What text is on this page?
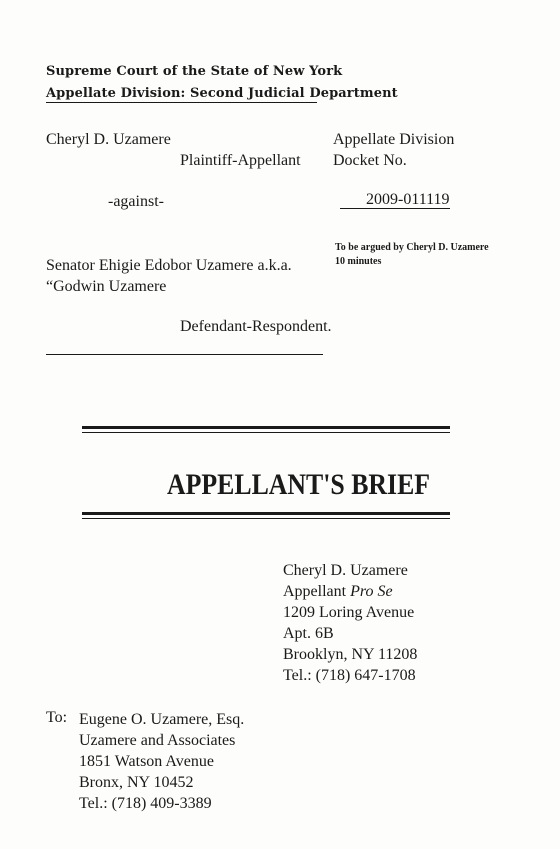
Supreme Court of the State of New York
Appellate Division: Second Judicial Department
Cheryl D. Uzamere
Plaintiff-Appellant
-against-
Senator Ehigie Edobor Uzamere a.k.a.
“Godwin Uzamere
Defendant-Respondent.
Appellate Division
Docket No.
2009-011119
To be argued by Cheryl D. Uzamere
10 minutes
APPELLANT'S BRIEF
Cheryl D. Uzamere
Appellant Pro Se
1209 Loring Avenue
Apt. 6B
Brooklyn, NY 11208
Tel.: (718) 647-1708
To: Eugene O. Uzamere, Esq.
Uzamere and Associates
1851 Watson Avenue
Bronx, NY 10452
Tel.: (718) 409-3389
